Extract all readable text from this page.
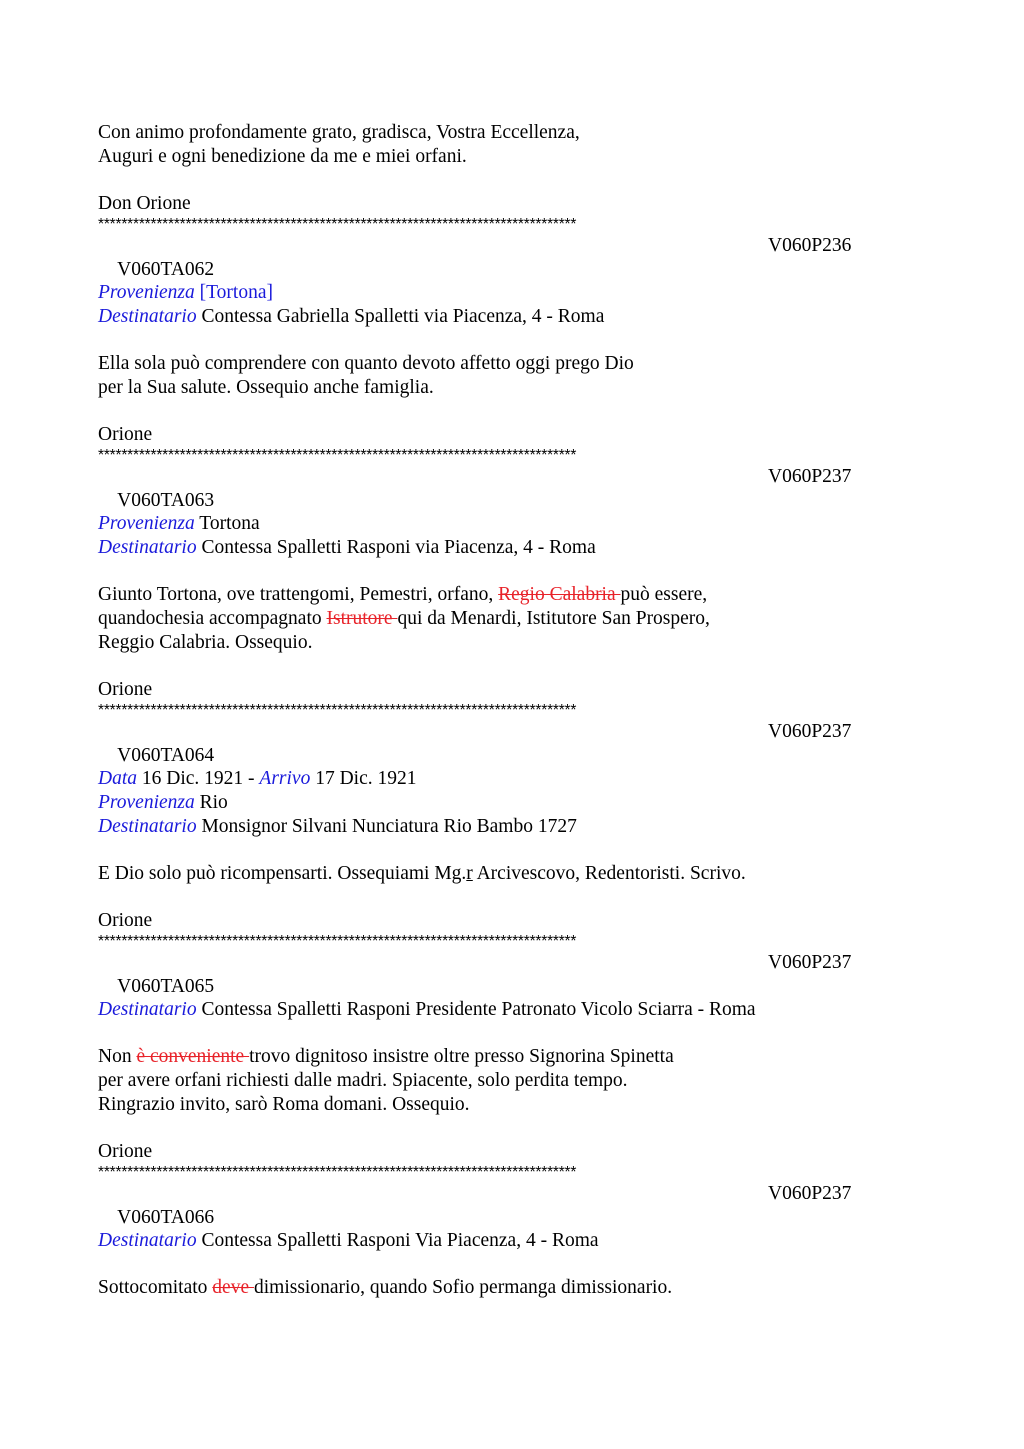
Con animo profondamente grato, gradisca, Vostra Eccellenza,
Auguri e ogni benedizione da me e miei orfani.
Don Orione
**********************************************************************************

V060TA062

V060P236

Provenienza [Tortona]
Destinatario Contessa Gabriella Spalletti via Piacenza, 4 - Roma
Ella sola può comprendere con quanto devoto affetto oggi prego Dio
per la Sua salute. Ossequio anche famiglia.
Orione
**********************************************************************************

V060TA063

V060P237

Provenienza Tortona
Destinatario Contessa Spalletti Rasponi via Piacenza, 4 - Roma
Giunto Tortona, ove trattengomi, Pemestri, orfano, Regio Calabria può essere,
quandochesia accompagnato Istrutore qui da Menardi, Istitutore San Prospero,
Reggio Calabria. Ossequio.
Orione
**********************************************************************************

V060TA064

V060P237

Data 16 Dic. 1921 - Arrivo 17 Dic. 1921
Provenienza Rio
Destinatario Monsignor Silvani Nunciatura Rio Bambo 1727
E Dio solo può ricompensarti. Ossequiami Mg.r Arcivescovo, Redentoristi. Scrivo.
Orione
**********************************************************************************

V060TA065

V060P237

Destinatario Contessa Spalletti Rasponi Presidente Patronato Vicolo Sciarra - Roma
Non è conveniente trovo dignitoso insistre oltre presso Signorina Spinetta
per avere orfani richiesti dalle madri. Spiacente, solo perdita tempo.
Ringrazio invito, sarò Roma domani. Ossequio.
Orione
**********************************************************************************

V060TA066

V060P237

Destinatario Contessa Spalletti Rasponi Via Piacenza, 4 - Roma
Sottocomitato deve dimissionario, quando Sofio permanga dimissionario.
